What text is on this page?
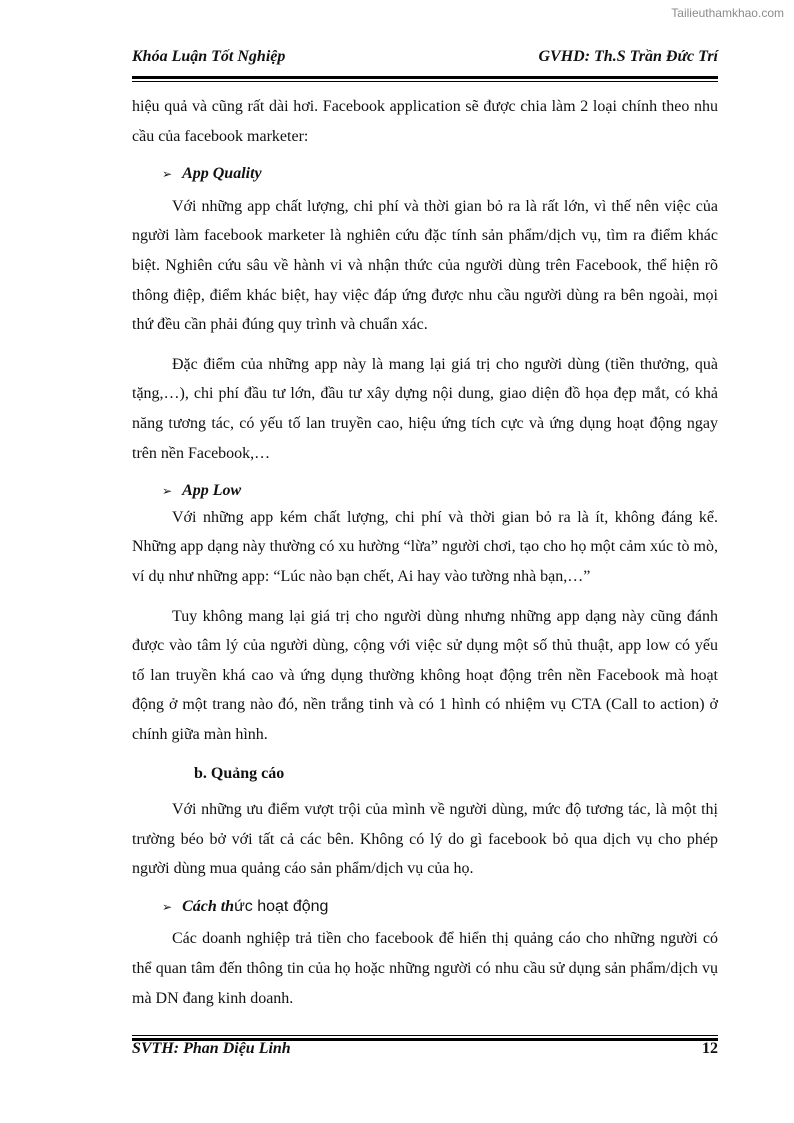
Tailieuthamkhao.com
Khóa Luận Tốt Nghiệp	GVHD: Th.S Trần Đức Trí

hiệu quả và cũng rất dài hơi. Facebook application sẽ được chia làm 2 loại chính theo nhu cầu của facebook marketer:

➢ App Quality

Với những app chất lượng, chi phí và thời gian bỏ ra là rất lớn, vì thế nên việc của người làm facebook marketer là nghiên cứu đặc tính sản phẩm/dịch vụ, tìm ra điểm khác biệt. Nghiên cứu sâu về hành vi và nhận thức của người dùng trên Facebook, thể hiện rõ thông điệp, điểm khác biệt, hay việc đáp ứng được nhu cầu người dùng ra bên ngoài, mọi thứ đều cần phải đúng quy trình và chuẩn xác.

Đặc điểm của những app này là mang lại giá trị cho người dùng (tiền thưởng, quà tặng,…), chi phí đầu tư lớn, đầu tư xây dựng nội dung, giao diện đồ họa đẹp mắt, có khả năng tương tác, có yếu tố lan truyền cao, hiệu ứng tích cực và ứng dụng hoạt động ngay trên nền Facebook,…

➢ App Low

Với những app kém chất lượng, chi phí và thời gian bỏ ra là ít, không đáng kể. Những app dạng này thường có xu hường “lừa” người chơi, tạo cho họ một cảm xúc tò mò, ví dụ như những app: “Lúc nào bạn chết, Ai hay vào tường nhà bạn,…”

Tuy không mang lại giá trị cho người dùng nhưng những app dạng này cũng đánh được vào tâm lý của người dùng, cộng với việc sử dụng một số thủ thuật, app low có yếu tố lan truyền khá cao và ứng dụng thường không hoạt động trên nền Facebook mà hoạt động ở một trang nào đó, nền trắng tinh và có 1 hình có nhiệm vụ CTA (Call to action) ở chính giữa màn hình.

b. Quảng cáo

Với những ưu điểm vượt trội của mình về người dùng, mức độ tương tác, là một thị trường béo bở với tất cả các bên. Không có lý do gì facebook bỏ qua dịch vụ cho phép người dùng mua quảng cáo sản phẩm/dịch vụ của họ.

➢ Cách thức hoạt động

Các doanh nghiệp trả tiền cho facebook để hiển thị quảng cáo cho những người có thể quan tâm đến thông tin của họ hoặc những người có nhu cầu sử dụng sản phẩm/dịch vụ mà DN đang kinh doanh.

SVTH: Phan Diệu Linh	12
